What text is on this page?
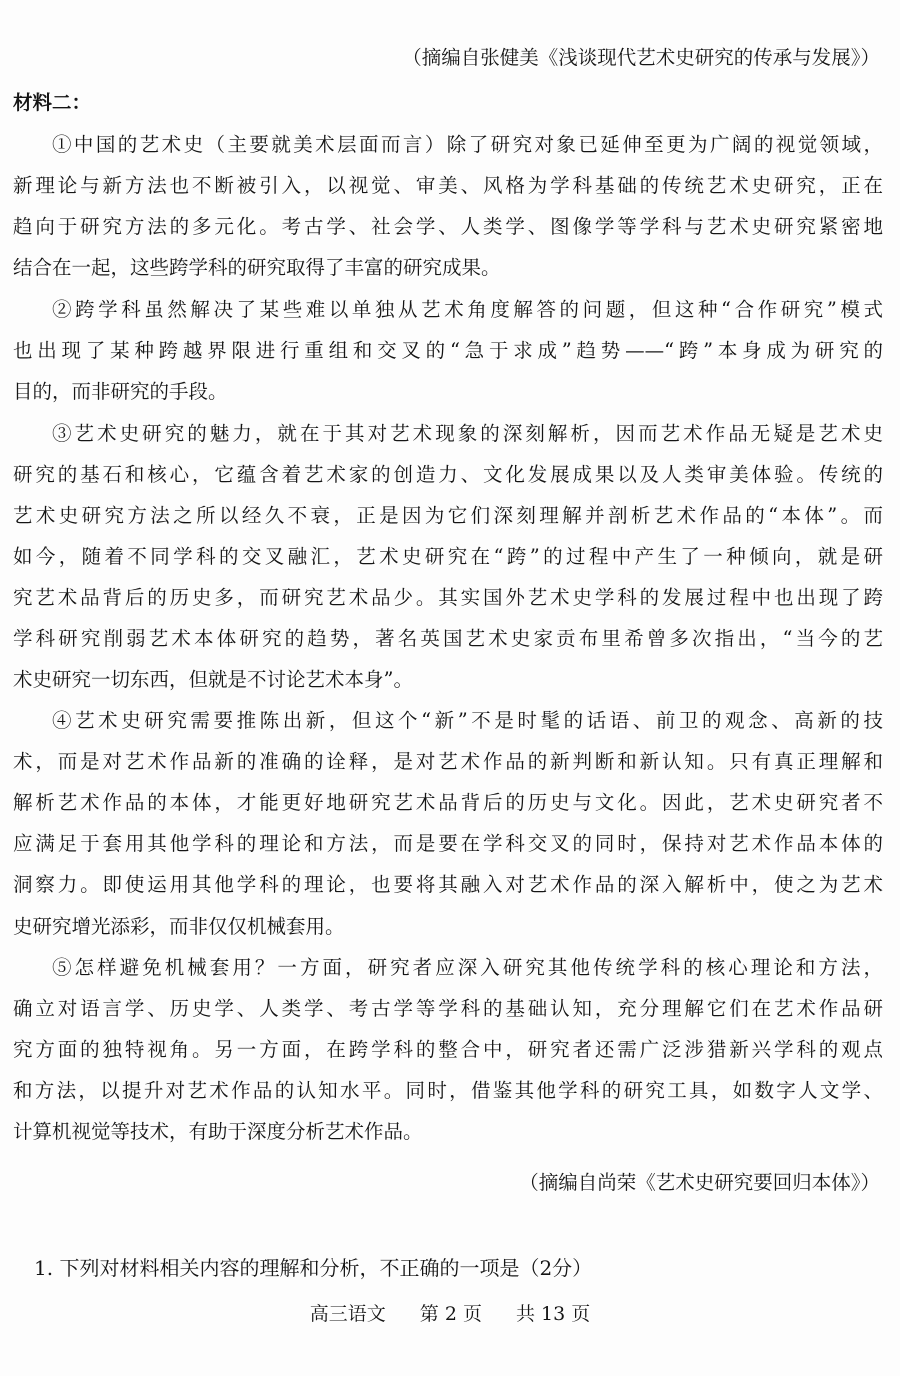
（摘编自张健美《浅谈现代艺术史研究的传承与发展》）
材料二：
①中国的艺术史（主要就美术层面而言）除了研究对象已延伸至更为广阔的视觉领域，
新理论与新方法也不断被引入，以视觉、审美、风格为学科基础的传统艺术史研究，正在
趋向于研究方法的多元化。考古学、社会学、人类学、图像学等学科与艺术史研究紧密地
结合在一起，这些跨学科的研究取得了丰富的研究成果。
②跨学科虽然解决了某些难以单独从艺术角度解答的问题，但这种“合作研究”模式
也出现了某种跨越界限进行重组和交叉的“急于求成”趋势——“跨”本身成为研究的
目的，而非研究的手段。
③艺术史研究的魅力，就在于其对艺术现象的深刻解析，因而艺术作品无疑是艺术史
研究的基石和核心，它蕴含着艺术家的创造力、文化发展成果以及人类审美体验。传统的
艺术史研究方法之所以经久不衰，正是因为它们深刻理解并剖析艺术作品的“本体”。而
如今，随着不同学科的交叉融汇，艺术史研究在“跨”的过程中产生了一种倾向，就是研
究艺术品背后的历史多，而研究艺术品少。其实国外艺术史学科的发展过程中也出现了跨
学科研究削弱艺术本体研究的趋势，著名英国艺术史家贡布里希曾多次指出，“当今的艺
术史研究一切东西，但就是不讨论艺术本身”。
④艺术史研究需要推陈出新，但这个“新”不是时髦的话语、前卫的观念、高新的技
术，而是对艺术作品新的准确的诠释，是对艺术作品的新判断和新认知。只有真正理解和
解析艺术作品的本体，才能更好地研究艺术品背后的历史与文化。因此，艺术史研究者不
应满足于套用其他学科的理论和方法，而是要在学科交叉的同时，保持对艺术作品本体的
洞察力。即使运用其他学科的理论，也要将其融入对艺术作品的深入解析中，使之为艺术
史研究增光添彩，而非仅仅机械套用。
⑤怎样避免机械套用？一方面，研究者应深入研究其他传统学科的核心理论和方法，
确立对语言学、历史学、人类学、考古学等学科的基础认知，充分理解它们在艺术作品研
究方面的独特视角。另一方面，在跨学科的整合中，研究者还需广泛涉猎新兴学科的观点
和方法，以提升对艺术作品的认知水平。同时，借鉴其他学科的研究工具，如数字人文学、
计算机视觉等技术，有助于深度分析艺术作品。
（摘编自尚荣《艺术史研究要回归本体》）
1. 下列对材料相关内容的理解和分析，不正确的一项是（2分）
高三语文 第 2 页 共 13 页
